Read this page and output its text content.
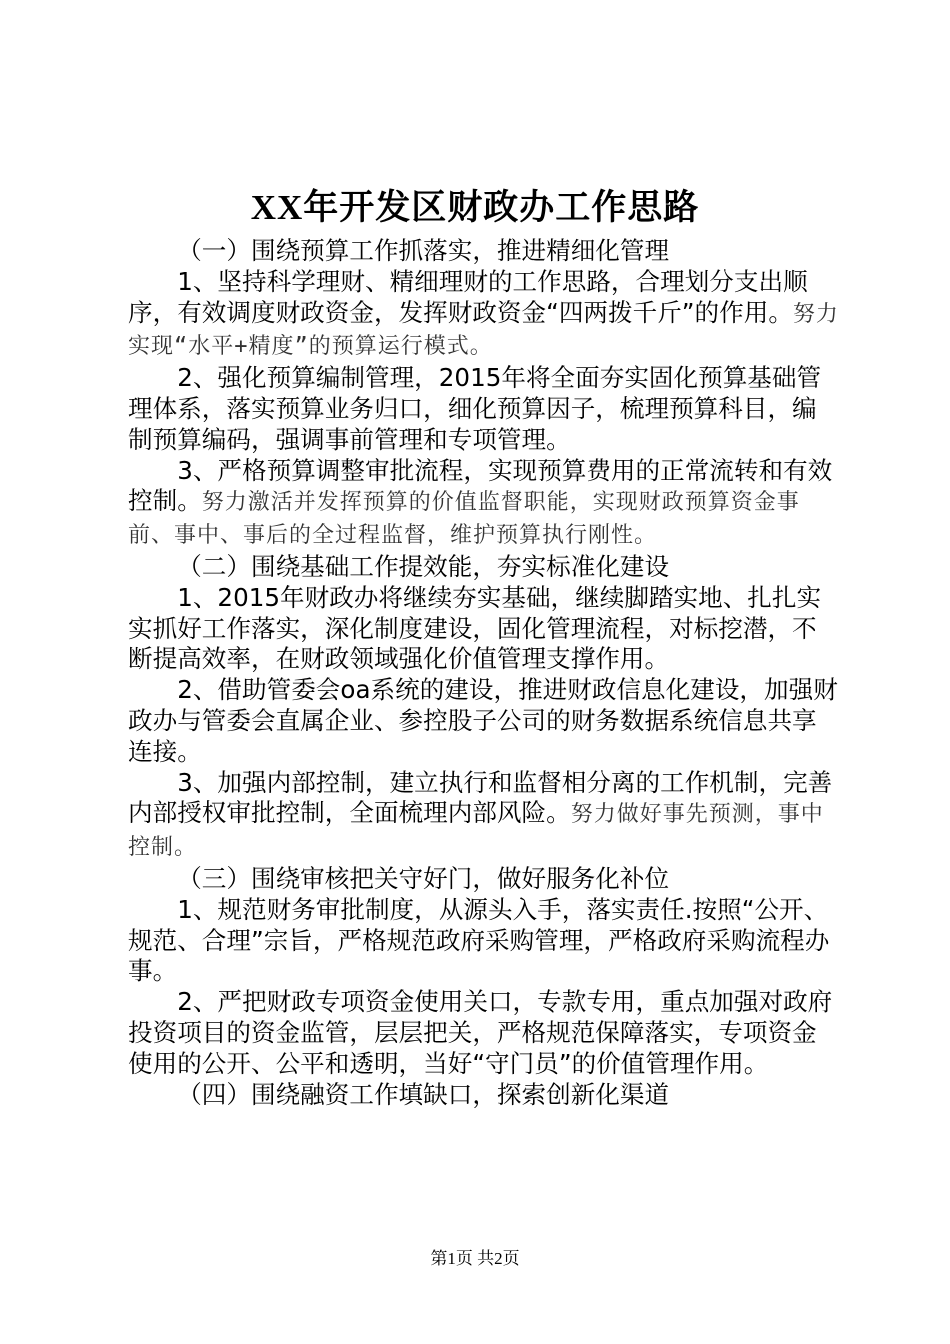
XX年开发区财政办工作思路

（一）围绕预算工作抓落实，推进精细化管理

1、坚持科学理财、精细理财的工作思路，合理划分支出顺序，有效调度财政资金，发挥财政资金“四两拨千斤”的作用。努力实现“水平+精度”的预算运行模式。

2、强化预算编制管理，2015年将全面夯实固化预算基础管理体系，落实预算业务归口，细化预算因子，梳理预算科目，编制预算编码，强调事前管理和专项管理。

3、严格预算调整审批流程，实现预算费用的正常流转和有效控制。努力激活并发挥预算的价值监督职能，实现财政预算资金事前、事中、事后的全过程监督，维护预算执行刚性。

（二）围绕基础工作提效能，夯实标准化建设

1、2015年财政办将继续夯实基础，继续脚踏实地、扎扎实实抓好工作落实，深化制度建设，固化管理流程，对标挖潜，不断提高效率，在财政领域强化价值管理支撑作用。

2、借助管委会oa系统的建设，推进财政信息化建设，加强财政办与管委会直属企业、参控股子公司的财务数据系统信息共享连接。

3、加强内部控制，建立执行和监督相分离的工作机制，完善内部授权审批控制，全面梳理内部风险。努力做好事先预测，事中控制。

（三）围绕审核把关守好门，做好服务化补位

1、规范财务审批制度，从源头入手，落实责任.按照“公开、规范、合理”宗旨，严格规范政府采购管理，严格政府采购流程办事。

2、严把财政专项资金使用关口，专款专用，重点加强对政府投资项目的资金监管，层层把关，严格规范保障落实，专项资金使用的公开、公平和透明，当好“守门员”的价值管理作用。

（四）围绕融资工作填缺口，探索创新化渠道

第1页 共2页
